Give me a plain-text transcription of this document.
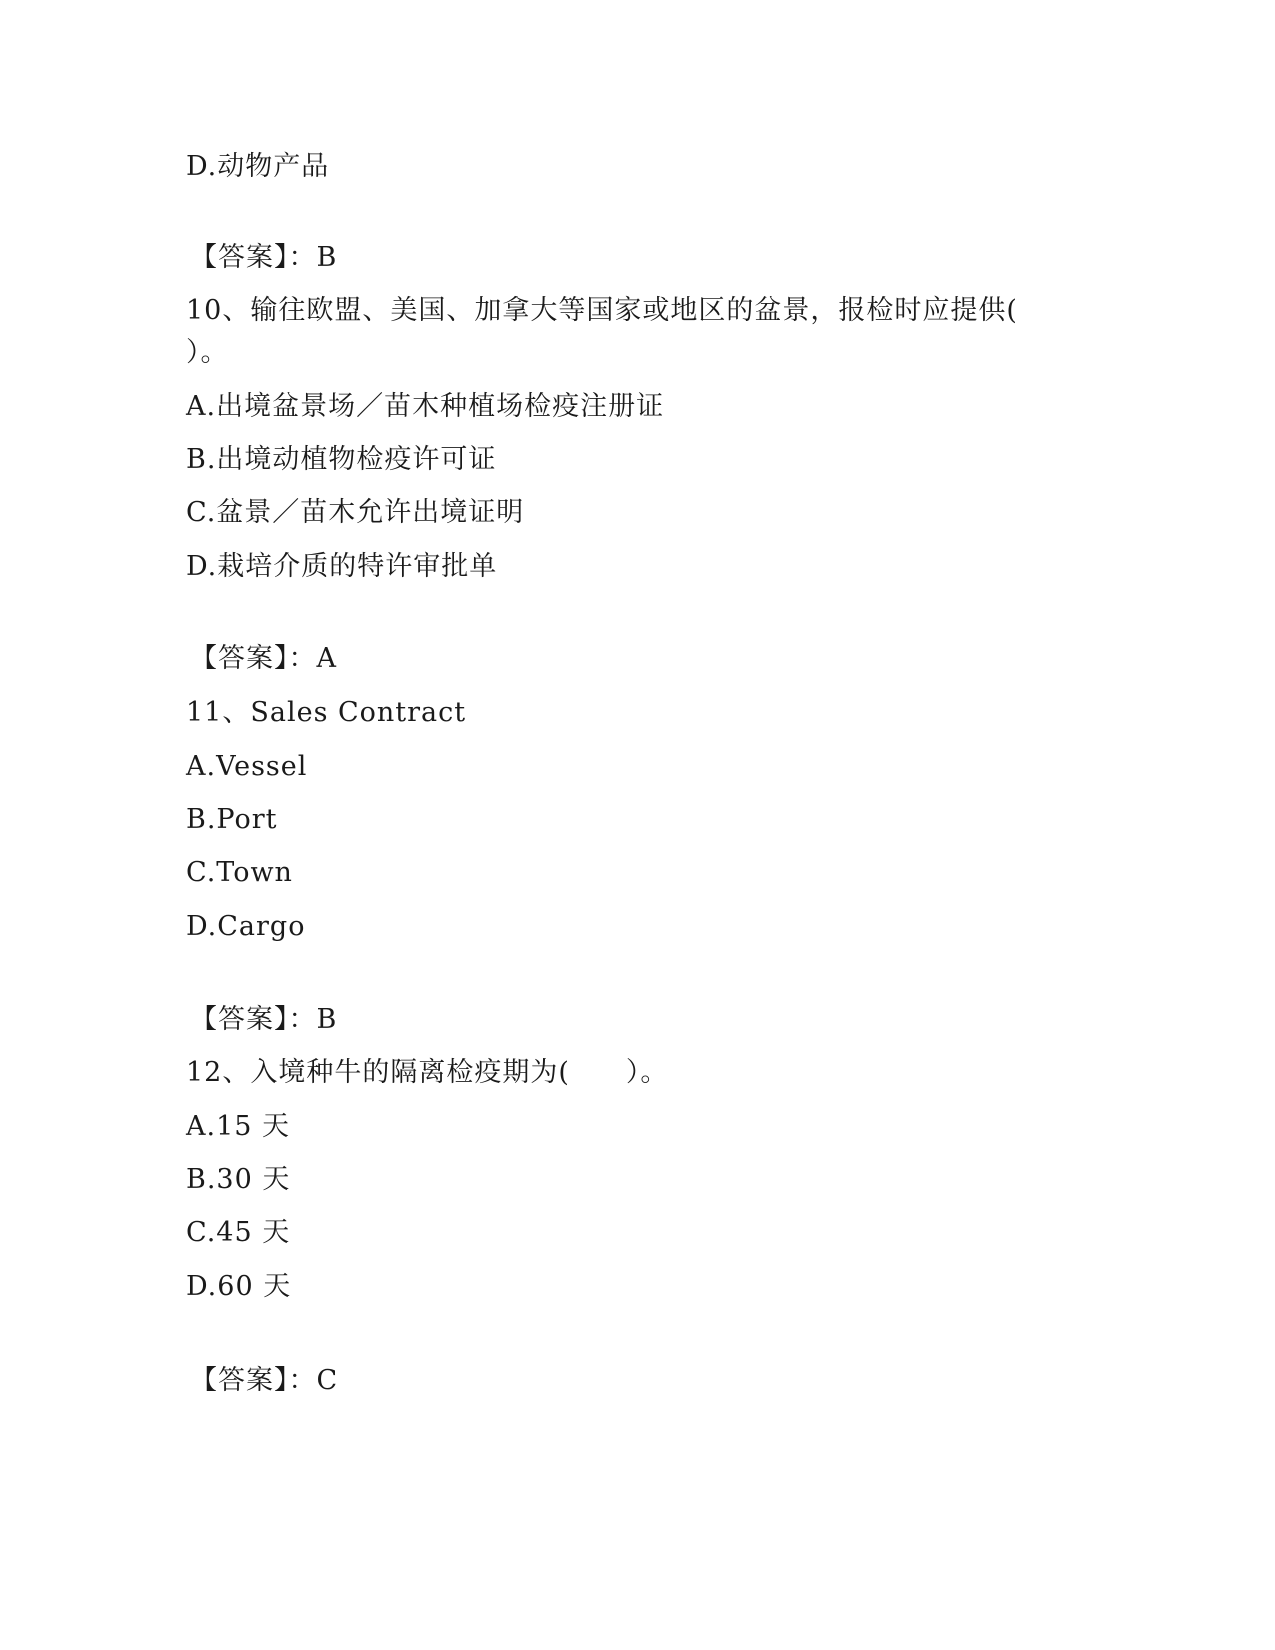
D.动物产品
【答案】：B
10、输往欧盟、美国、加拿大等国家或地区的盆景，报检时应提供(
）。
A.出境盆景场／苗木种植场检疫注册证
B.出境动植物检疫许可证
C.盆景／苗木允许出境证明
D.栽培介质的特许审批单
【答案】：A
11、Sales Contract
A.Vessel
B.Port
C.Town
D.Cargo
【答案】：B
12、入境种牛的隔离检疫期为(　　）。
A.15 天
B.30 天
C.45 天
D.60 天
【答案】：C
